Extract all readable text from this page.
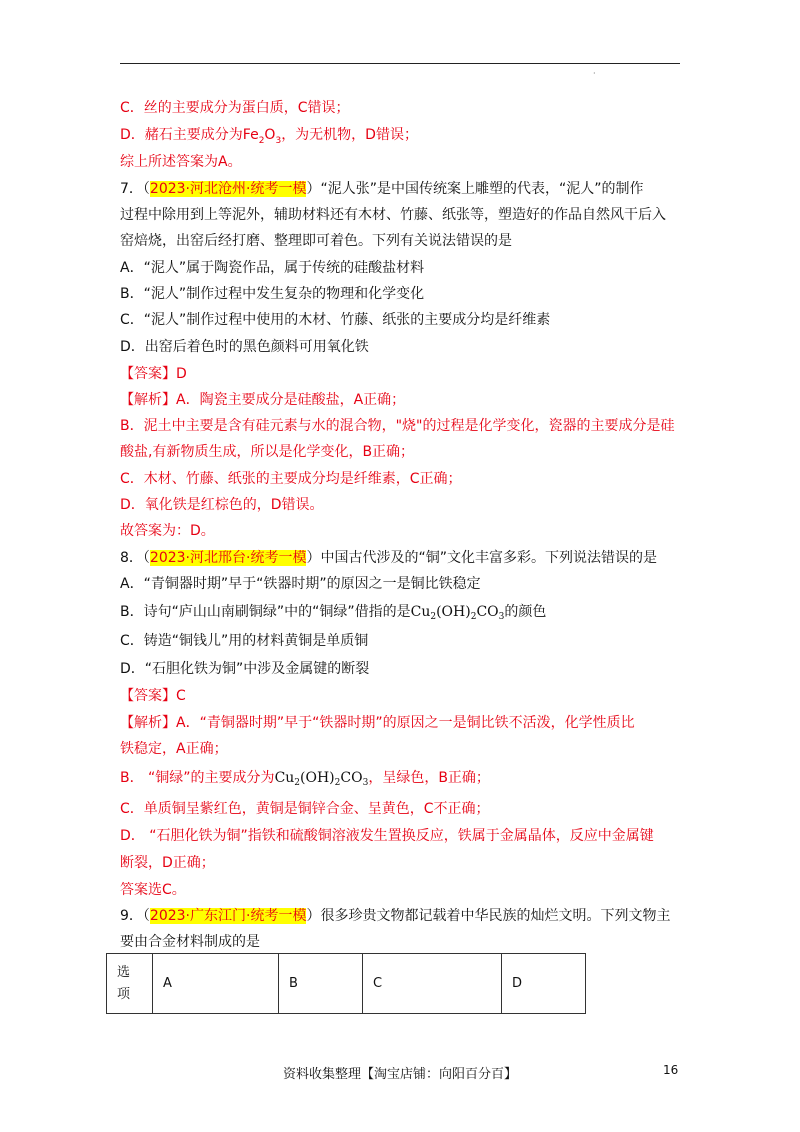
·
C．丝的主要成分为蛋白质，C错误；
D．赭石主要成分为$Fe_2O_3$，为无机物，D错误；
综上所述答案为A。
7．（2023·河北沧州·统考一模）“泥人张”是中国传统案上雕塑的代表，“泥人”的制作
过程中除用到上等泥外，辅助材料还有木材、竹藤、纸张等，塑造好的作品自然风干后入
窑焙烧，出窑后经打磨、整理即可着色。下列有关说法错误的是
A．“泥人”属于陶瓷作品，属于传统的硅酸盐材料
B．“泥人”制作过程中发生复杂的物理和化学变化
C．“泥人”制作过程中使用的木材、竹藤、纸张的主要成分均是纤维素
D．出窑后着色时的黑色颜料可用氧化铁
【答案】D
【解析】A．陶瓷主要成分是硅酸盐，A正确；
B．泥土中主要是含有硅元素与水的混合物，"烧"的过程是化学变化，瓷器的主要成分是硅
酸盐,有新物质生成，所以是化学变化，B正确；
C．木材、竹藤、纸张的主要成分均是纤维素，C正确；
D．氧化铁是红棕色的，D错误。
故答案为：D。
8．（2023·河北邢台·统考一模）中国古代涉及的“铜”文化丰富多彩。下列说法错误的是
A．“青铜器时期”早于“铁器时期”的原因之一是铜比铁稳定
B．诗句“庐山山南刷铜绿”中的“铜绿”借指的是$Cu_2(OH)_2CO_3$的颜色
C．铸造“铜钱儿”用的材料黄铜是单质铜
D．“石胆化铁为铜”中涉及金属键的断裂
【答案】C
【解析】A．“青铜器时期”早于“铁器时期”的原因之一是铜比铁不活泼，化学性质比
铁稳定，A正确；
B． “铜绿”的主要成分为$Cu_2(OH)_2CO_3$，呈绿色，B正确；
C．单质铜呈紫红色，黄铜是铜锌合金、呈黄色，C不正确；
D． “石胆化铁为铜”指铁和硫酸铜溶液发生置换反应，铁属于金属晶体，反应中金属键
断裂，D正确；
答案选C。
9．（2023·广东江门·统考一模）很多珍贵文物都记载着中华民族的灿烂文明。下列文物主
要由合金材料制成的是
选
项	A	B	C	D
资料收集整理【淘宝店铺：向阳百分百】	16
